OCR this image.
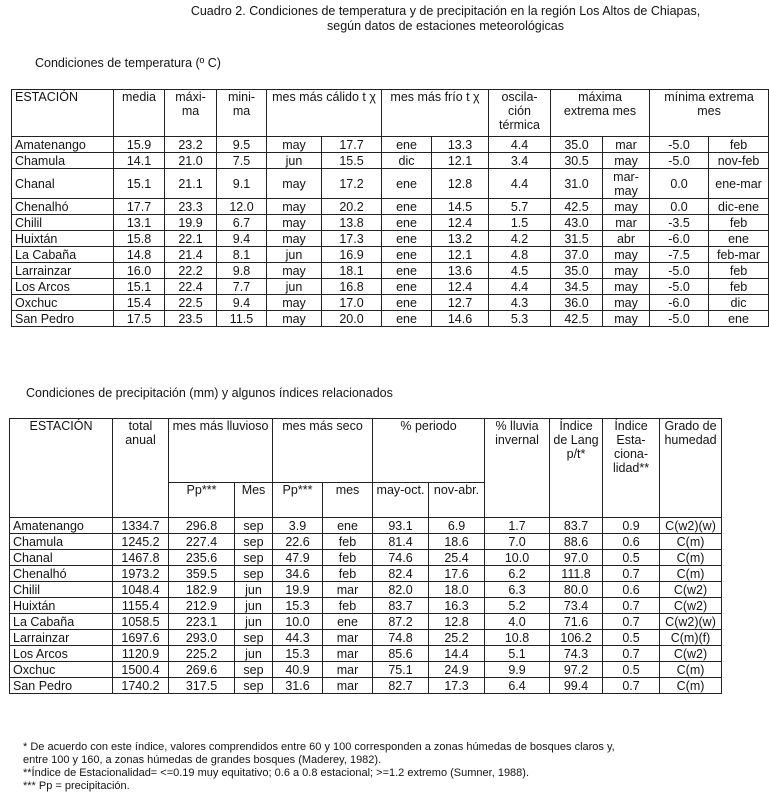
Cuadro 2. Condiciones de temperatura y de precipitación en la región Los Altos de Chiapas,
según datos de estaciones meteorológicas
Condiciones de temperatura (º C)
ESTACIÓN	media	máxi-ma	mini-ma	mes más cálido t χ		mes más frío t χ		oscila-ción térmica	máxima extrema mes		mínima extrema mes	
Amatenango	15.9	23.2	9.5	may	17.7	ene	13.3	4.4	35.0	mar	-5.0	feb
Chamula	14.1	21.0	7.5	jun	15.5	dic	12.1	3.4	30.5	may	-5.0	nov-feb
Chanal	15.1	21.1	9.1	may	17.2	ene	12.8	4.4	31.0	mar-may	0.0	ene-mar
Chenalhó	17.7	23.3	12.0	may	20.2	ene	14.5	5.7	42.5	may	0.0	dic-ene
Chilil	13.1	19.9	6.7	may	13.8	ene	12.4	1.5	43.0	mar	-3.5	feb
Huixtán	15.8	22.1	9.4	may	17.3	ene	13.2	4.2	31.5	abr	-6.0	ene
La Cabaña	14.8	21.4	8.1	jun	16.9	ene	12.1	4.8	37.0	may	-7.5	feb-mar
Larrainzar	16.0	22.2	9.8	may	18.1	ene	13.6	4.5	35.0	may	-5.0	feb
Los Arcos	15.1	22.4	7.7	jun	16.8	ene	12.4	4.4	34.5	may	-5.0	feb
Oxchuc	15.4	22.5	9.4	may	17.0	ene	12.7	4.3	36.0	may	-6.0	dic
San Pedro	17.5	23.5	11.5	may	20.0	ene	14.6	5.3	42.5	may	-5.0	ene
Condiciones de precipitación (mm) y algunos índices relacionados
ESTACIÓN	total anual	mes más lluvioso		mes más seco		% periodo		% lluvia invernal	Índice de Lang p/t*	Índice Esta-ciona-lidad**	Grado de humedad
		Pp***	Mes	Pp***	mes	may-oct.	nov-abr.				
Amatenango	1334.7	296.8	sep	3.9	ene	93.1	6.9	1.7	83.7	0.9	C(w2)(w)
Chamula	1245.2	227.4	sep	22.6	feb	81.4	18.6	7.0	88.6	0.6	C(m)
Chanal	1467.8	235.6	sep	47.9	feb	74.6	25.4	10.0	97.0	0.5	C(m)
Chenalhó	1973.2	359.5	sep	34.6	feb	82.4	17.6	6.2	111.8	0.7	C(m)
Chilil	1048.4	182.9	jun	19.9	mar	82.0	18.0	6.3	80.0	0.6	C(w2)
Huixtán	1155.4	212.9	jun	15.3	feb	83.7	16.3	5.2	73.4	0.7	C(w2)
La Cabaña	1058.5	223.1	jun	10.0	ene	87.2	12.8	4.0	71.6	0.7	C(w2)(w)
Larrainzar	1697.6	293.0	sep	44.3	mar	74.8	25.2	10.8	106.2	0.5	C(m)(f)
Los Arcos	1120.9	225.2	jun	15.3	mar	85.6	14.4	5.1	74.3	0.7	C(w2)
Oxchuc	1500.4	269.6	sep	40.9	mar	75.1	24.9	9.9	97.2	0.5	C(m)
San Pedro	1740.2	317.5	sep	31.6	mar	82.7	17.3	6.4	99.4	0.7	C(m)
* De acuerdo con este índice, valores comprendidos entre 60 y 100 corresponden a zonas húmedas de bosques claros y,
entre 100 y 160, a zonas húmedas de grandes bosques (Maderey, 1982).
**Índice de Estacionalidad= <=0.19 muy equitativo; 0.6 a 0.8 estacional; >=1.2 extremo (Sumner, 1988).
*** Pp = precipitación.
